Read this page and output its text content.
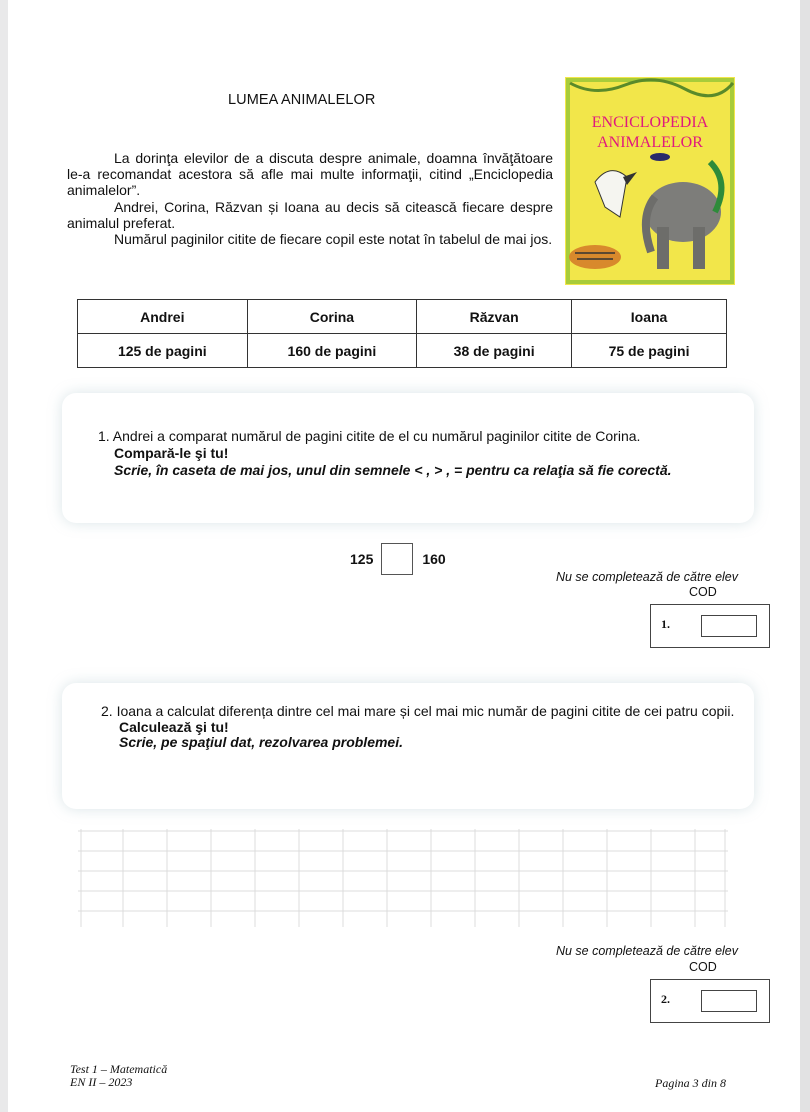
LUMEA ANIMALELOR

La dorinţa elevilor de a discuta despre animale, doamna învăţătoare le-a recomandat acestora să afle mai multe informaţii, citind „Enciclopedia animalelor”.

Andrei, Corina, Răzvan și Ioana au decis să citească fiecare despre animalul preferat.

Numărul paginilor citite de fiecare copil este notat în tabelul de mai jos.

ENCICLOPEDIA
ANIMALELOR
Andrei	Corina	Răzvan	Ioana
125 de pagini	160 de pagini	38 de pagini	75 de pagini
1. Andrei a comparat numărul de pagini citite de el cu numărul paginilor citite de Corina.
Compară-le şi tu!
Scrie, în caseta de mai jos, unul din semnele < , > , = pentru ca relaţia să fie corectă.
125	160
Nu se completează de către elev
COD
1.
2. Ioana a calculat diferența dintre cel mai mare și cel mai mic număr de pagini citite de cei patru copii.
Calculează şi tu!
Scrie, pe spaţiul dat, rezolvarea problemei.
Nu se completează de către elev
COD
2.
Test 1 – Matematică
EN II – 2023	Pagina 3 din 8
